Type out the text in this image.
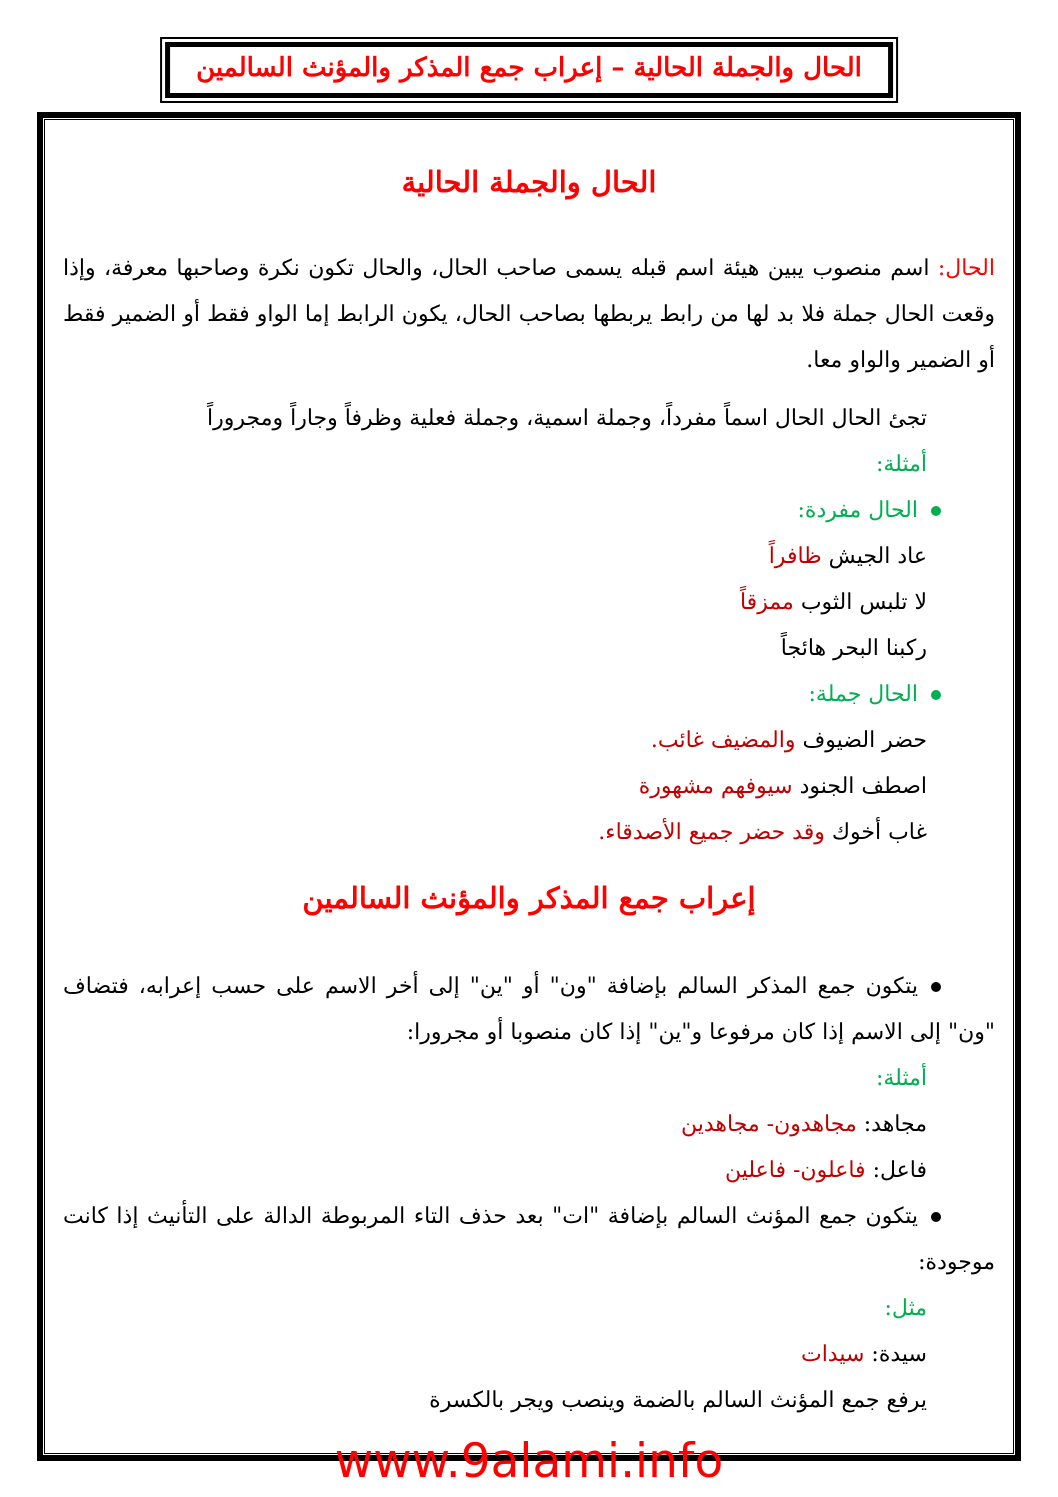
الحال والجملة الحالية – إعراب جمع المذكر والمؤنث السالمين
الحال والجملة الحالية

الحال: اسم منصوب يبين هيئة اسم قبله يسمى صاحب الحال، والحال تكون نكرة وصاحبها معرفة، وإذا وقعت الحال جملة فلا بد لها من رابط يربطها بصاحب الحال، يكون الرابط إما الواو فقط أو الضمير فقط أو الضمير والواو معا.

تجئ الحال الحال اسماً مفرداً، وجملة اسمية، وجملة فعلية وظرفاً وجاراً ومجروراً

أمثلة:

الحال مفردة:

عاد الجيش ظافراً

لا تلبس الثوب ممزقاً

ركبنا البحر هائجاً

الحال جملة:

حضر الضيوف والمضيف غائب.

اصطف الجنود سيوفهم مشهورة

غاب أخوك وقد حضر جميع الأصدقاء.

إعراب جمع المذكر والمؤنث السالمين

يتكون جمع المذكر السالم بإضافة "ون" أو "ين" إلى أخر الاسم على حسب إعرابه، فتضاف "ون" إلى الاسم إذا كان مرفوعا و"ين" إذا كان منصوبا أو مجرورا:

أمثلة:

مجاهد: مجاهدون- مجاهدين

فاعل: فاعلون- فاعلين

يتكون جمع المؤنث السالم بإضافة "ات" بعد حذف التاء المربوطة الدالة على التأنيث إذا كانت موجودة:

مثل:

سيدة: سيدات

يرفع جمع المؤنث السالم بالضمة وينصب ويجر بالكسرة

www.9alami.info
